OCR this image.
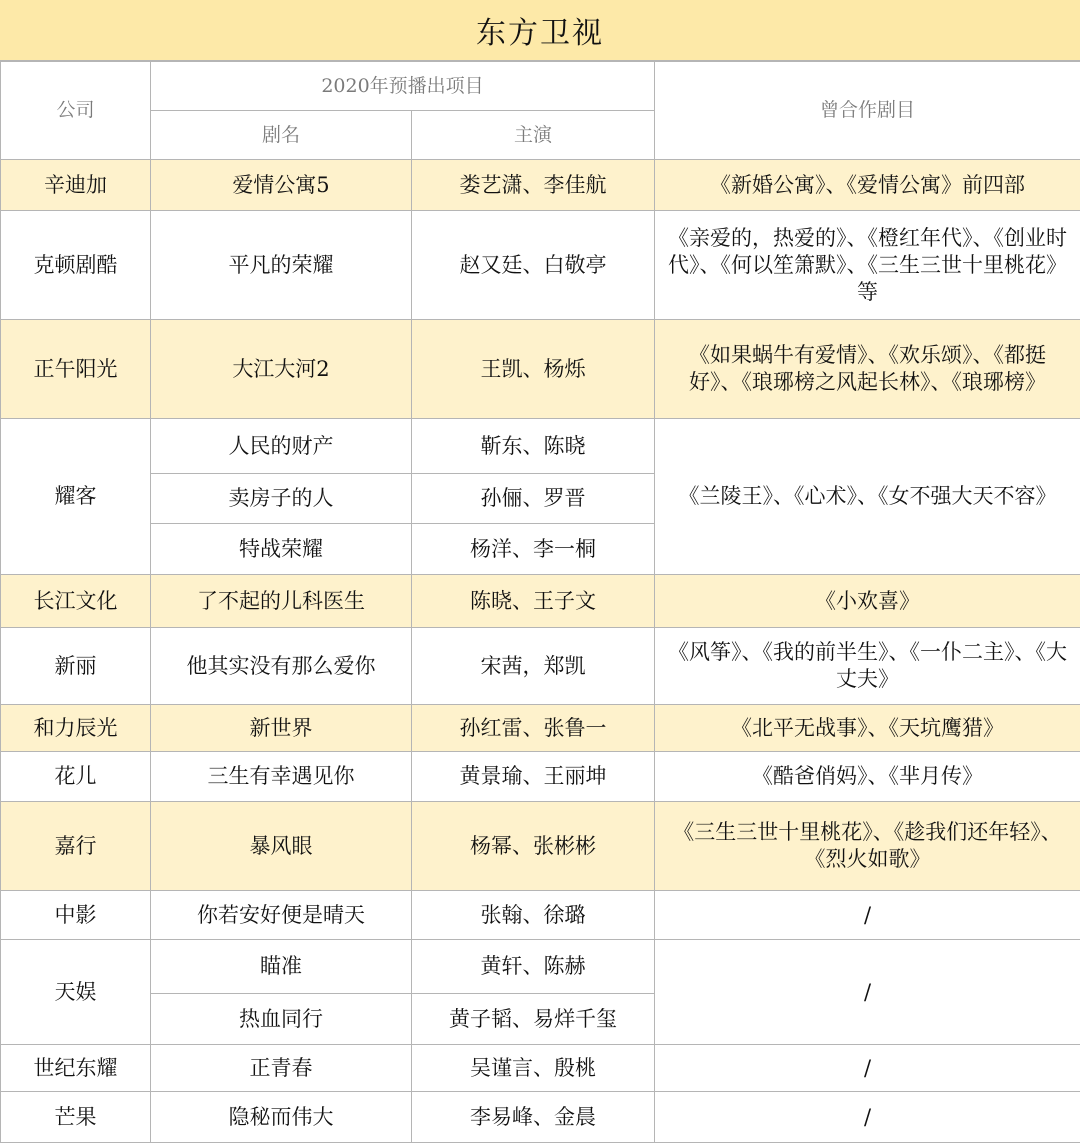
东方卫视
公司	2020年预播出项目		曾合作剧目
	剧名	主演	
辛迪加	爱情公寓5	娄艺潇、李佳航	《新婚公寓》、《爱情公寓》前四部
克顿剧酷	平凡的荣耀	赵又廷、白敬亭	《亲爱的，热爱的》、《橙红年代》、《创业时代》、《何以笙箫默》、《三生三世十里桃花》等
正午阳光	大江大河2	王凯、杨烁	《如果蜗牛有爱情》、《欢乐颂》、《都挺好》、《琅琊榜之风起长林》、《琅琊榜》
耀客	人民的财产	靳东、陈晓	《兰陵王》、《心术》、《女不强大天不容》
	卖房子的人	孙俪、罗晋	
	特战荣耀	杨洋、李一桐	
长江文化	了不起的儿科医生	陈晓、王子文	《小欢喜》
新丽	他其实没有那么爱你	宋茜，郑凯	《风筝》、《我的前半生》、《一仆二主》、《大丈夫》
和力辰光	新世界	孙红雷、张鲁一	《北平无战事》、《天坑鹰猎》
花儿	三生有幸遇见你	黄景瑜、王丽坤	《酷爸俏妈》、《芈月传》
嘉行	暴风眼	杨幂、张彬彬	《三生三世十里桃花》、《趁我们还年轻》、《烈火如歌》
中影	你若安好便是晴天	张翰、徐璐	/
天娱	瞄准	黄轩、陈赫	/
	热血同行	黄子韬、易烊千玺	
世纪东耀	正青春	吴谨言、殷桃	/
芒果	隐秘而伟大	李易峰、金晨	/
